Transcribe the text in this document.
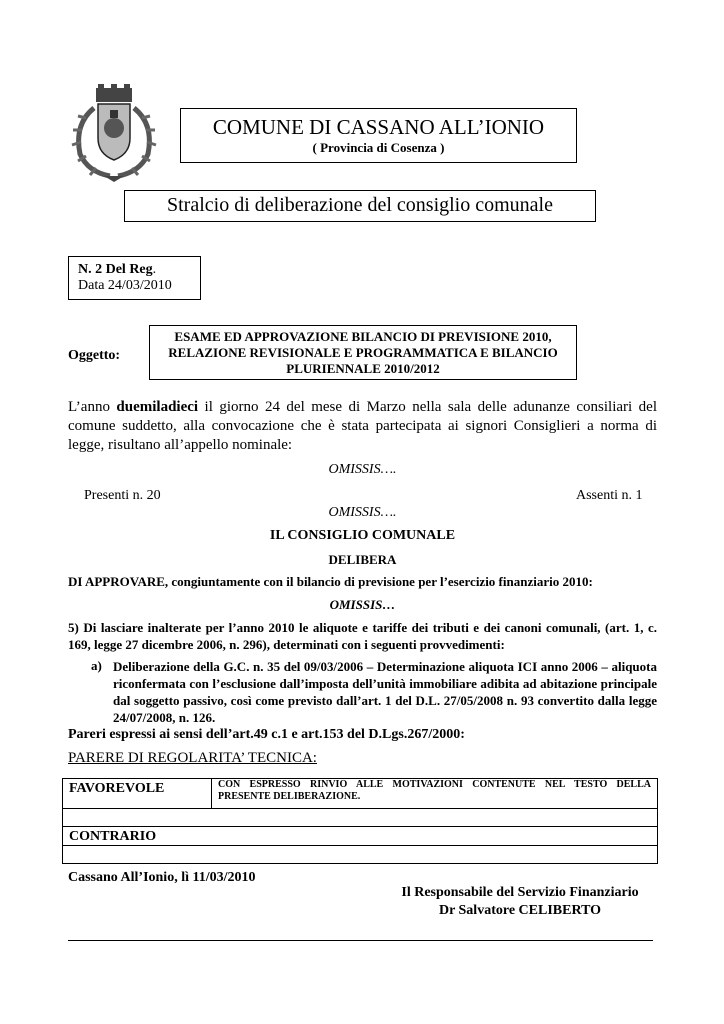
COMUNE DI CASSANO ALL’IONIO
( Provincia di Cosenza )
Stralcio di deliberazione del consiglio comunale
N. 2 Del Reg.
Data 24/03/2010
Oggetto:
ESAME ED APPROVAZIONE BILANCIO DI PREVISIONE 2010,
RELAZIONE REVISIONALE E PROGRAMMATICA E BILANCIO
PLURIENNALE 2010/2012
L’anno duemiladieci il giorno 24 del mese di Marzo nella sala delle adunanze consiliari del comune suddetto, alla convocazione che è stata partecipata ai signori Consiglieri a norma di legge, risultano all’appello nominale:
OMISSIS….
Presenti n. 20	Assenti n. 1
OMISSIS….
IL CONSIGLIO COMUNALE
DELIBERA
DI APPROVARE, congiuntamente con il bilancio di previsione per l’esercizio finanziario 2010:
OMISSIS…
5) Di lasciare inalterate per l’anno 2010 le aliquote e tariffe dei tributi e dei canoni comunali, (art. 1, c. 169, legge 27 dicembre 2006, n. 296), determinati con i seguenti provvedimenti:
a) Deliberazione della G.C. n. 35 del 09/03/2006 – Determinazione aliquota ICI anno 2006 – aliquota riconfermata con l’esclusione dall’imposta dell’unità immobiliare adibita ad abitazione principale dal soggetto passivo, così come previsto dall’art. 1 del D.L. 27/05/2008 n. 93 convertito dalla legge 24/07/2008, n. 126.
Pareri espressi ai sensi dell’art.49 c.1 e art.153 del D.Lgs.267/2000:
PARERE DI REGOLARITA’ TECNICA:
FAVOREVOLE	CON ESPRESSO RINVIO ALLE MOTIVAZIONI CONTENUTE NEL TESTO DELLA PRESENTE DELIBERAZIONE.

CONTRARIO

Cassano All’Ionio, lì 11/03/2010
Il Responsabile del Servizio Finanziario
Dr Salvatore CELIBERTO
